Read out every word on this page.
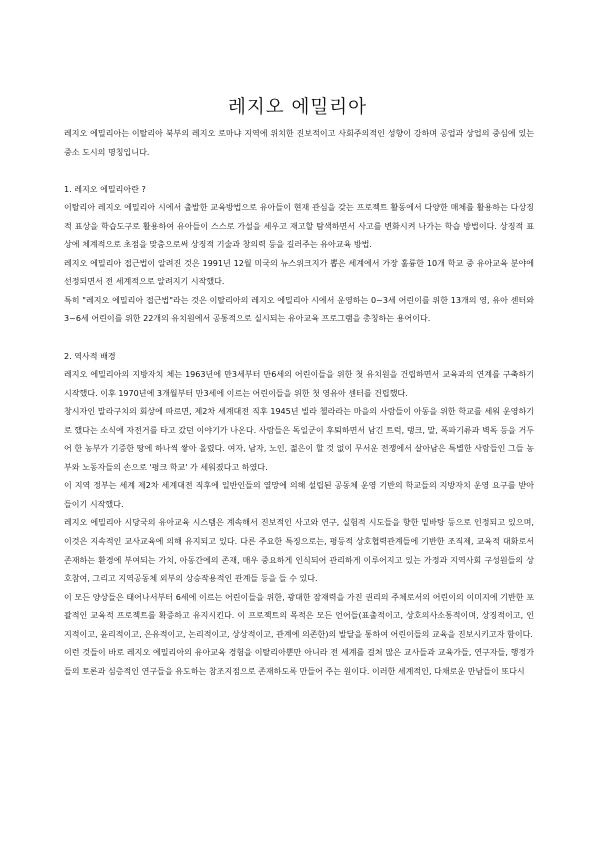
레지오 에밀리아

레지오 에밀리아는 이탈리아 북부의 레지오 로마냐 지역에 위치한 진보적이고 사회주의적인 성향이 강하며 공업과 상업의 중심에 있는 중소 도시의 명칭입니다.

1. 레지오 에밀리아란 ?

이탈리아 레지오 에밀리아 시에서 출발한 교육방법으로 유아들이 현재 관심을 갖는 프로젝트 활동에서 다양한 매체를 활용하는 다상징적 표상을 학습도구로 활용하여 유아들이 스스로 가설을 세우고 재고할 탐색하면서 사고를 변화시켜 나가는 학습 방법이다. 상징적 표상에 체계적으로 초점을 맞춤으로써 상징적 기술과 창의력 등을 길러주는 유아교육 방법.

레지오 에밀리아 접근법이 알려진 것은 1991년 12월 미국의 뉴스위크지가 뽑은 세계에서 가장 훌륭한 10개 학교 중 유아교육 분야에 선정되면서 전 세계적으로 알려지기 시작했다.

특히 "레지오 에밀리아 접근법"라는 것은 이탈리아의 레지오 에밀리아 시에서 운영하는 0~3세 어린이를 위한 13개의 영, 유아 센터와 3~6세 어린이를 위한 22개의 유치원에서 공통적으로 실시되는 유아교육 프로그램을 총칭하는 용어이다.

2. 역사적 배경

레지오 에밀리아의 지방자치 체는 1963년에 만3세부터 만6세의 어린이들을 위한 첫 유치원을 건립하면서 교육과의 연계를 구축하기 시작했다. 이후 1970년에 3개월부터 만3세에 이르는 어린이들을 위한 첫 영유아 센터를 건립했다.

창시자인 말라구치의 회상에 따르면, 제2차 세계대전 직후 1945년 빌라 첼라라는 마을의 사람들이 아동을 위한 학교를 세워 운영하기로 했다는 소식에 자전거를 타고 갔던 이야기가 나온다. 사람들은 독일군이 후퇴하면서 남긴 트럭, 탱크, 말, 폭파기류과 벽독 등을 거두어 한 농부가 기증한 땅에 하나씩 쌓아 올렸다. 여자, 남자, 노인, 젊은이 할 것 없이 무서운 전쟁에서 살아남은 특별한 사람들인 그들 농부와 노동자들의 손으로 '평크 학교' 가 세워졌다고 하였다.

이 지역 정부는 세계 제2차 세계대전 직후에 일반인들의 열망에 의해 설립된 공동체 운영 기반의 학교들의 지방자치 운영 요구를 받아들이기 시작했다.

레지오 에밀리아 시당국의 유아교육 시스템은 계속해서 진보적인 사고와 연구, 실험적 시도들을 향한 밑바탕 등으로 인정되고 있으며, 이것은 지속적인 교사교육에 의해 유지되고 있다. 다른 주요한 특징으로는, 평등적 상호협력관계들에 기반한 조직제, 교육적 대화로서 존재하는 환경에 부여되는 가치, 아동간에의 존재, 매우 중요하게 인식되어 관리하게 이루어지고 있는 가정과 지역사회 구성원들의 상호참여, 그리고 지역공동체 외부의 상승작용적인 관계들 등을 들 수 있다.

이 모든 양상들은 태어나서부터 6세에 이르는 어린이들을 위한, 광대한 잠재력을 가진 권리의 주체로서의 어린이의 이미지에 기반한 포괄적인 교육적 프로젝트를 확증하고 유지시킨다. 이 프로젝트의 목적은 모든 언어들(표출적이고, 상호의사소통적이며, 상징적이고, 인지적이고, 윤리적이고, 은유적이고, 논리적이고, 상상적이고, 관계에 의존한)의 발달을 통하여 어린이들의 교육을 진보시키고자 함이다.

이런 것들이 바로 레지오 에밀리아의 유아교육 경험을 이탈리아뿐만 아니라 전 세계를 걸쳐 많은 교사들과 교육가들, 연구자들, 행정가들의 토론과 심층적인 연구들을 유도하는 참조지점으로 존재하도록 만들어 주는 원이다. 이러한 세계적인, 다채로운 만남들이 또다시
